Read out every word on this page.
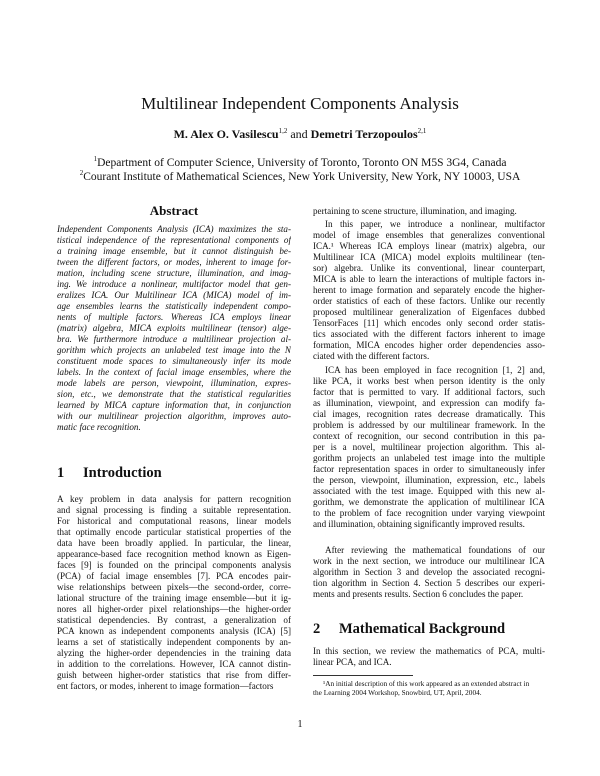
Multilinear Independent Components Analysis
M. Alex O. Vasilescu$^{1,2}$ and Demetri Terzopoulos$^{2,1}$
$^1$Department of Computer Science, University of Toronto, Toronto ON M5S 3G4, Canada
$^2$Courant Institute of Mathematical Sciences, New York University, New York, NY 10003, USA
Abstract
Independent Components Analysis (ICA) maximizes the sta-
tistical independence of the representational components of
a training image ensemble, but it cannot distinguish be-
tween the different factors, or modes, inherent to image for-
mation, including scene structure, illumination, and imag-
ing. We introduce a nonlinear, multifactor model that gen-
eralizes ICA. Our Multilinear ICA (MICA) model of im-
age ensembles learns the statistically independent compo-
nents of multiple factors. Whereas ICA employs linear
(matrix) algebra, MICA exploits multilinear (tensor) alge-
bra. We furthermore introduce a multilinear projection al-
gorithm which projects an unlabeled test image into the N
constituent mode spaces to simultaneously infer its mode
labels. In the context of facial image ensembles, where the
mode labels are person, viewpoint, illumination, expres-
sion, etc., we demonstrate that the statistical regularities
learned by MICA capture information that, in conjunction
with our multilinear projection algorithm, improves auto-
matic face recognition.
1 Introduction
A key problem in data analysis for pattern recognition
and signal processing is finding a suitable representation.
For historical and computational reasons, linear models
that optimally encode particular statistical properties of the
data have been broadly applied. In particular, the linear,
appearance-based face recognition method known as Eigen-
faces [9] is founded on the principal components analysis
(PCA) of facial image ensembles [7]. PCA encodes pair-
wise relationships between pixels—the second-order, corre-
lational structure of the training image ensemble—but it ig-
nores all higher-order pixel relationships—the higher-order
statistical dependencies. By contrast, a generalization of
PCA known as independent components analysis (ICA) [5]
learns a set of statistically independent components by an-
alyzing the higher-order dependencies in the training data
in addition to the correlations. However, ICA cannot distin-
guish between higher-order statistics that rise from differ-
ent factors, or modes, inherent to image formation—factors
pertaining to scene structure, illumination, and imaging.
In this paper, we introduce a nonlinear, multifactor
model of image ensembles that generalizes conventional
ICA.¹ Whereas ICA employs linear (matrix) algebra, our
Multilinear ICA (MICA) model exploits multilinear (ten-
sor) algebra. Unlike its conventional, linear counterpart,
MICA is able to learn the interactions of multiple factors in-
herent to image formation and separately encode the higher-
order statistics of each of these factors. Unlike our recently
proposed multilinear generalization of Eigenfaces dubbed
TensorFaces [11] which encodes only second order statis-
tics associated with the different factors inherent to image
formation, MICA encodes higher order dependencies asso-
ciated with the different factors.
ICA has been employed in face recognition [1, 2] and,
like PCA, it works best when person identity is the only
factor that is permitted to vary. If additional factors, such
as illumination, viewpoint, and expression can modify fa-
cial images, recognition rates decrease dramatically. This
problem is addressed by our multilinear framework. In the
context of recognition, our second contribution in this pa-
per is a novel, multilinear projection algorithm. This al-
gorithm projects an unlabeled test image into the multiple
factor representation spaces in order to simultaneously infer
the person, viewpoint, illumination, expression, etc., labels
associated with the test image. Equipped with this new al-
gorithm, we demonstrate the application of multilinear ICA
to the problem of face recognition under varying viewpoint
and illumination, obtaining significantly improved results.
After reviewing the mathematical foundations of our
work in the next section, we introduce our multilinear ICA
algorithm in Section 3 and develop the associated recogni-
tion algorithm in Section 4. Section 5 describes our experi-
ments and presents results. Section 6 concludes the paper.
2 Mathematical Background
In this section, we review the mathematics of PCA, multi-
linear PCA, and ICA.
¹An initial description of this work appeared as an extended abstract in
the Learning 2004 Workshop, Snowbird, UT, April, 2004.
1
